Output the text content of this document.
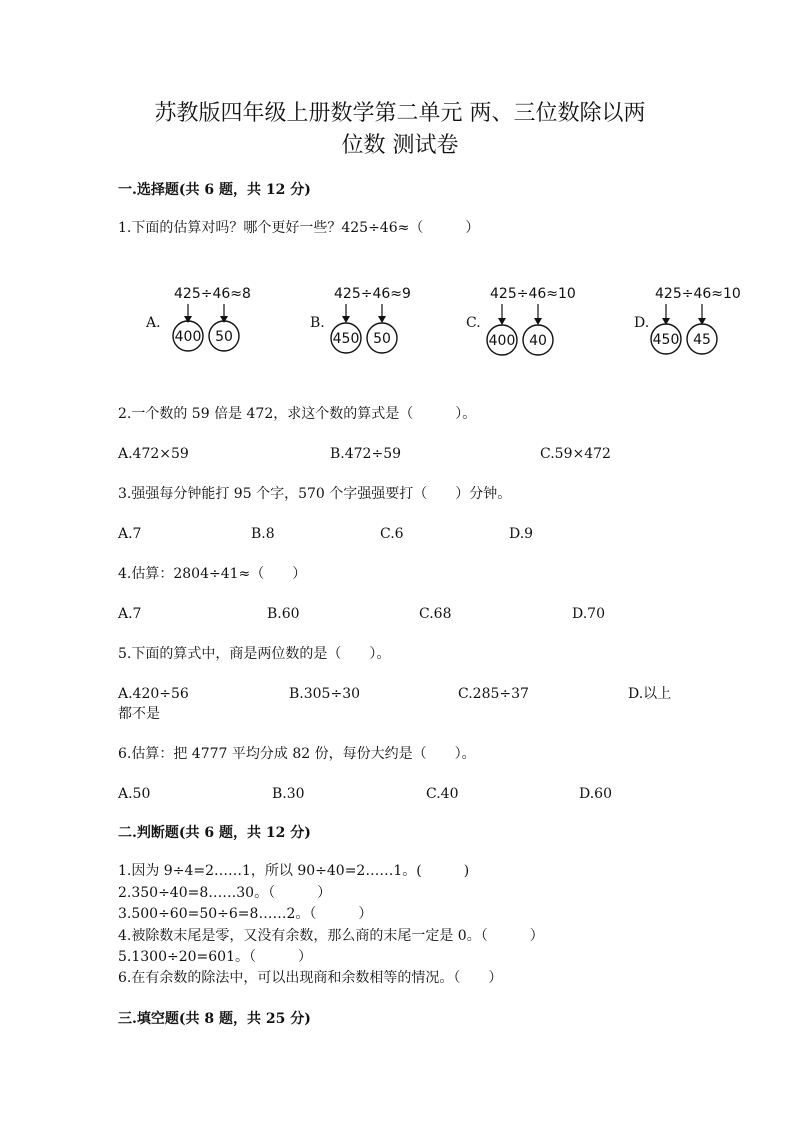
苏教版四年级上册数学第二单元 两、三位数除以两
位数 测试卷
一.选择题(共 6 题，共 12 分)
1.下面的估算对吗？哪个更好一些？425÷46≈（　　　）
A.
425÷46≈8
400 50
B.
425÷46≈9
450 50
C.
425÷46≈10
400 40
D.
425÷46≈10
450 45
2.一个数的 59 倍是 472，求这个数的算式是（　　　）。
A.472×59	B.472÷59	C.59×472
3.强强每分钟能打 95 个字，570 个字强强要打（　　）分钟。
A.7	B.8	C.6	D.9
4.估算：2804÷41≈（　　）
A.7	B.60	C.68	D.70
5.下面的算式中，商是两位数的是（　　）。
A.420÷56	B.305÷30	C.285÷37	D.以上
都不是
6.估算：把 4777 平均分成 82 份，每份大约是（　　）。
A.50	B.30	C.40	D.60
二.判断题(共 6 题，共 12 分)
1.因为 9÷4=2……1，所以 90÷40=2……1。(　　　)
2.350÷40=8……30。（　　　）
3.500÷60=50÷6=8……2。（　　　）
4.被除数末尾是零，又没有余数，那么商的末尾一定是 0。（　　　）
5.1300÷20=601。（　　　）
6.在有余数的除法中，可以出现商和余数相等的情况。（　　）
三.填空题(共 8 题，共 25 分)
